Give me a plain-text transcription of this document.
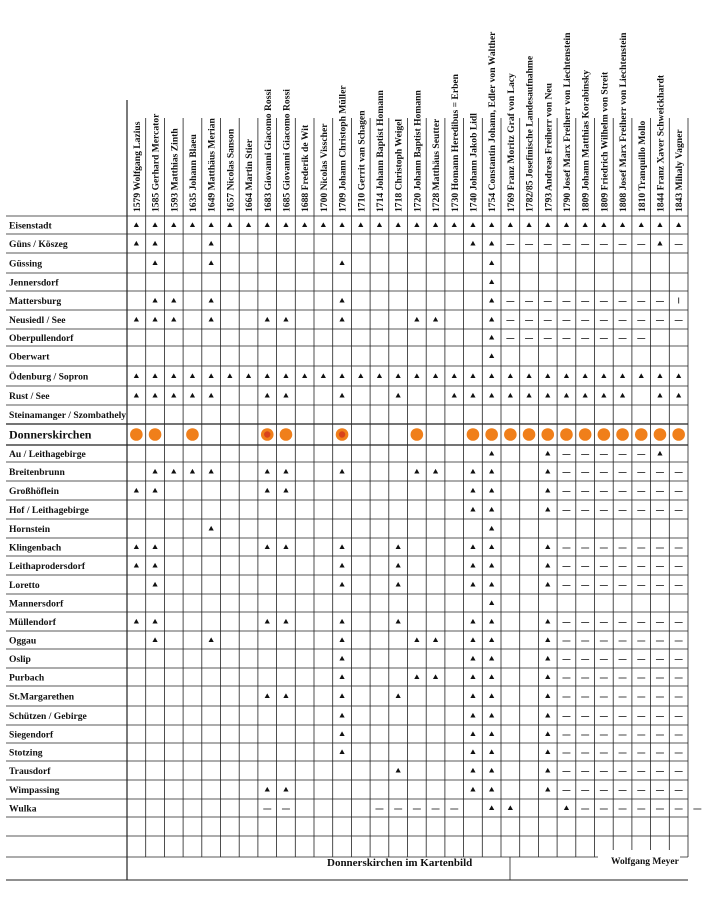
1579 Wolfgang Lazius 1585 Gerhard Mercator 1593 Matthias Zinth 1635 Johann Blaeu 1649 Matthäus Merian 1657 Nicolas Sanson 1664 Martin Stier 1683 Giovanni Giacomo Rossi 1685 Giovanni Giacomo Rossi 1688 Frederik de Wit 1700 Nicolas Visscher 1709 Johann Christoph Müller 1710 Gerrit van Schagen 1714 Johann Baptist Homann 1718 Christoph Weigel 1720 Johann Baptist Homann 1728 Matthäus Seutter 1730 Homann Heredibus = Erben 1740 Johann Jakob Lidl 1754 Constantin Johann, Edler von Walther 1769 Franz Moritz Graf von Lacy 1782/85 Josefinische Landesaufnahme 1793 Andreas Freiherr von Neu 1790 Josef Marx Freiherr von Liechtenstein 1809 Johann Matthias Korabinsky 1809 Friedrich Wilhelm von Streit 1808 Josef Marx Freiherr von Liechtenstein 1810 Tranquillo Mollo 1844 Franz Xaver Schweickhardt 1843 Mihaly Vagner
Eisenstadt
Güns / Köszeg
Güssing
Jennersdorf
Mattersburg
Neusiedl / See
Oberpullendorf
Oberwart
Ödenburg / Sopron
Rust / See
Steinamanger / Szombathely
Donnerskirchen
Au / Leithagebirge
Breitenbrunn
Großhöflein
Hof / Leithagebirge
Hornstein
Klingenbach
Leithaprodersdorf
Loretto
Mannersdorf
Müllendorf
Oggau
Oslip
Purbach
St.Margarethen
Schützen / Gebirge
Siegendorf
Stotzing
Trausdorf
Wimpassing
Wulka
Donnerskirchen im Kartenbild	Wolfgang Meyer
